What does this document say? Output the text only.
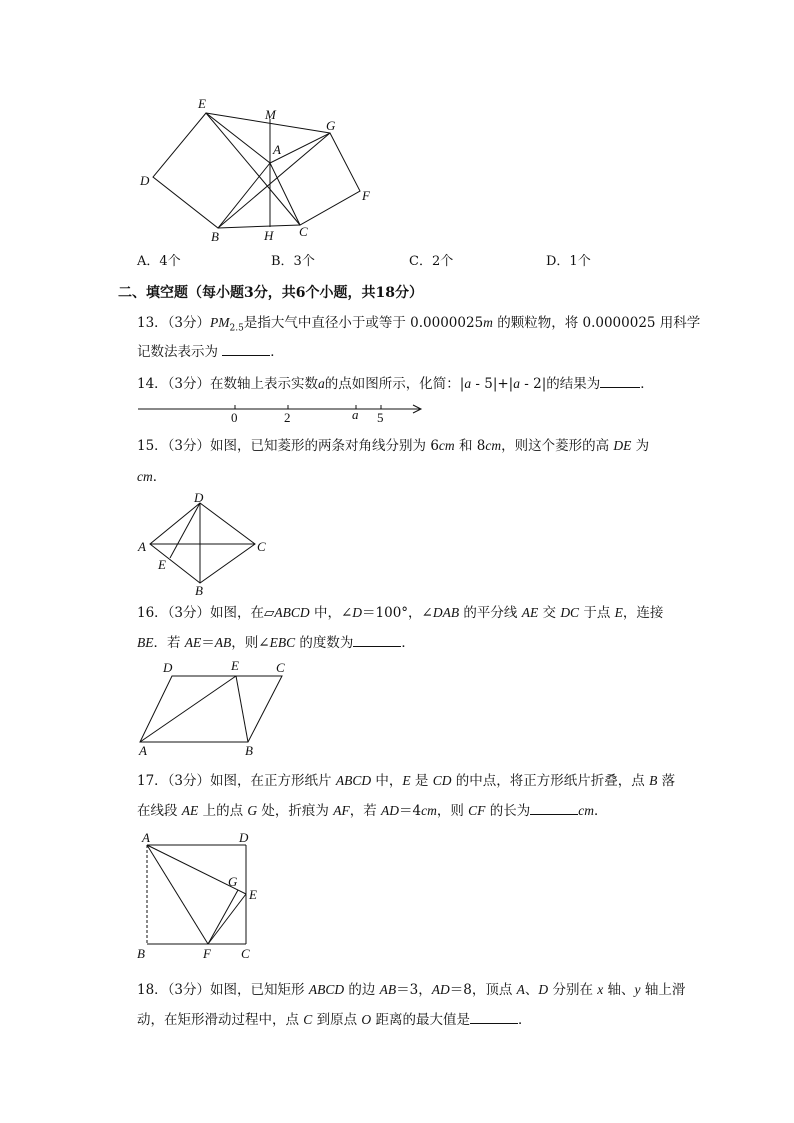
E
M
G
A
D
F
B	H C
A．4个	B．3个	C．2个	D．1个
二、填空题（每小题3分，共6个小题，共18分）
13．（3分）$PM_{2.5}$是指大气中直径小于或等于 0.0000025m 的颗粒物，将 0.0000025 用科学
记数法表示为	．
14．（3分）在数轴上表示实数a的点如图所示，化简：|a - 5|+|a - 2|的结果为	．
0	2	a 5
15．（3分）如图，已知菱形的两条对角线分别为 6cm 和 8cm，则这个菱形的高 DE 为
cm．
D
A	C
E
B
16．（3分）如图，在▱ABCD 中，∠D＝100°，∠DAB 的平分线 AE 交 DC 于点 E，连接
BE．若 AE＝AB，则∠EBC 的度数为	．
D	E	C
A	B
17．（3分）如图，在正方形纸片 ABCD 中，E 是 CD 的中点，将正方形纸片折叠，点 B 落
在线段 AE 上的点 G 处，折痕为 AF，若 AD＝4cm，则 CF 的长为	cm．
A	D
G
E
B	F C
18．（3分）如图，已知矩形 ABCD 的边 AB＝3，AD＝8，顶点 A、D 分别在 x 轴、y 轴上滑
动，在矩形滑动过程中，点 C 到原点 O 距离的最大值是	．
